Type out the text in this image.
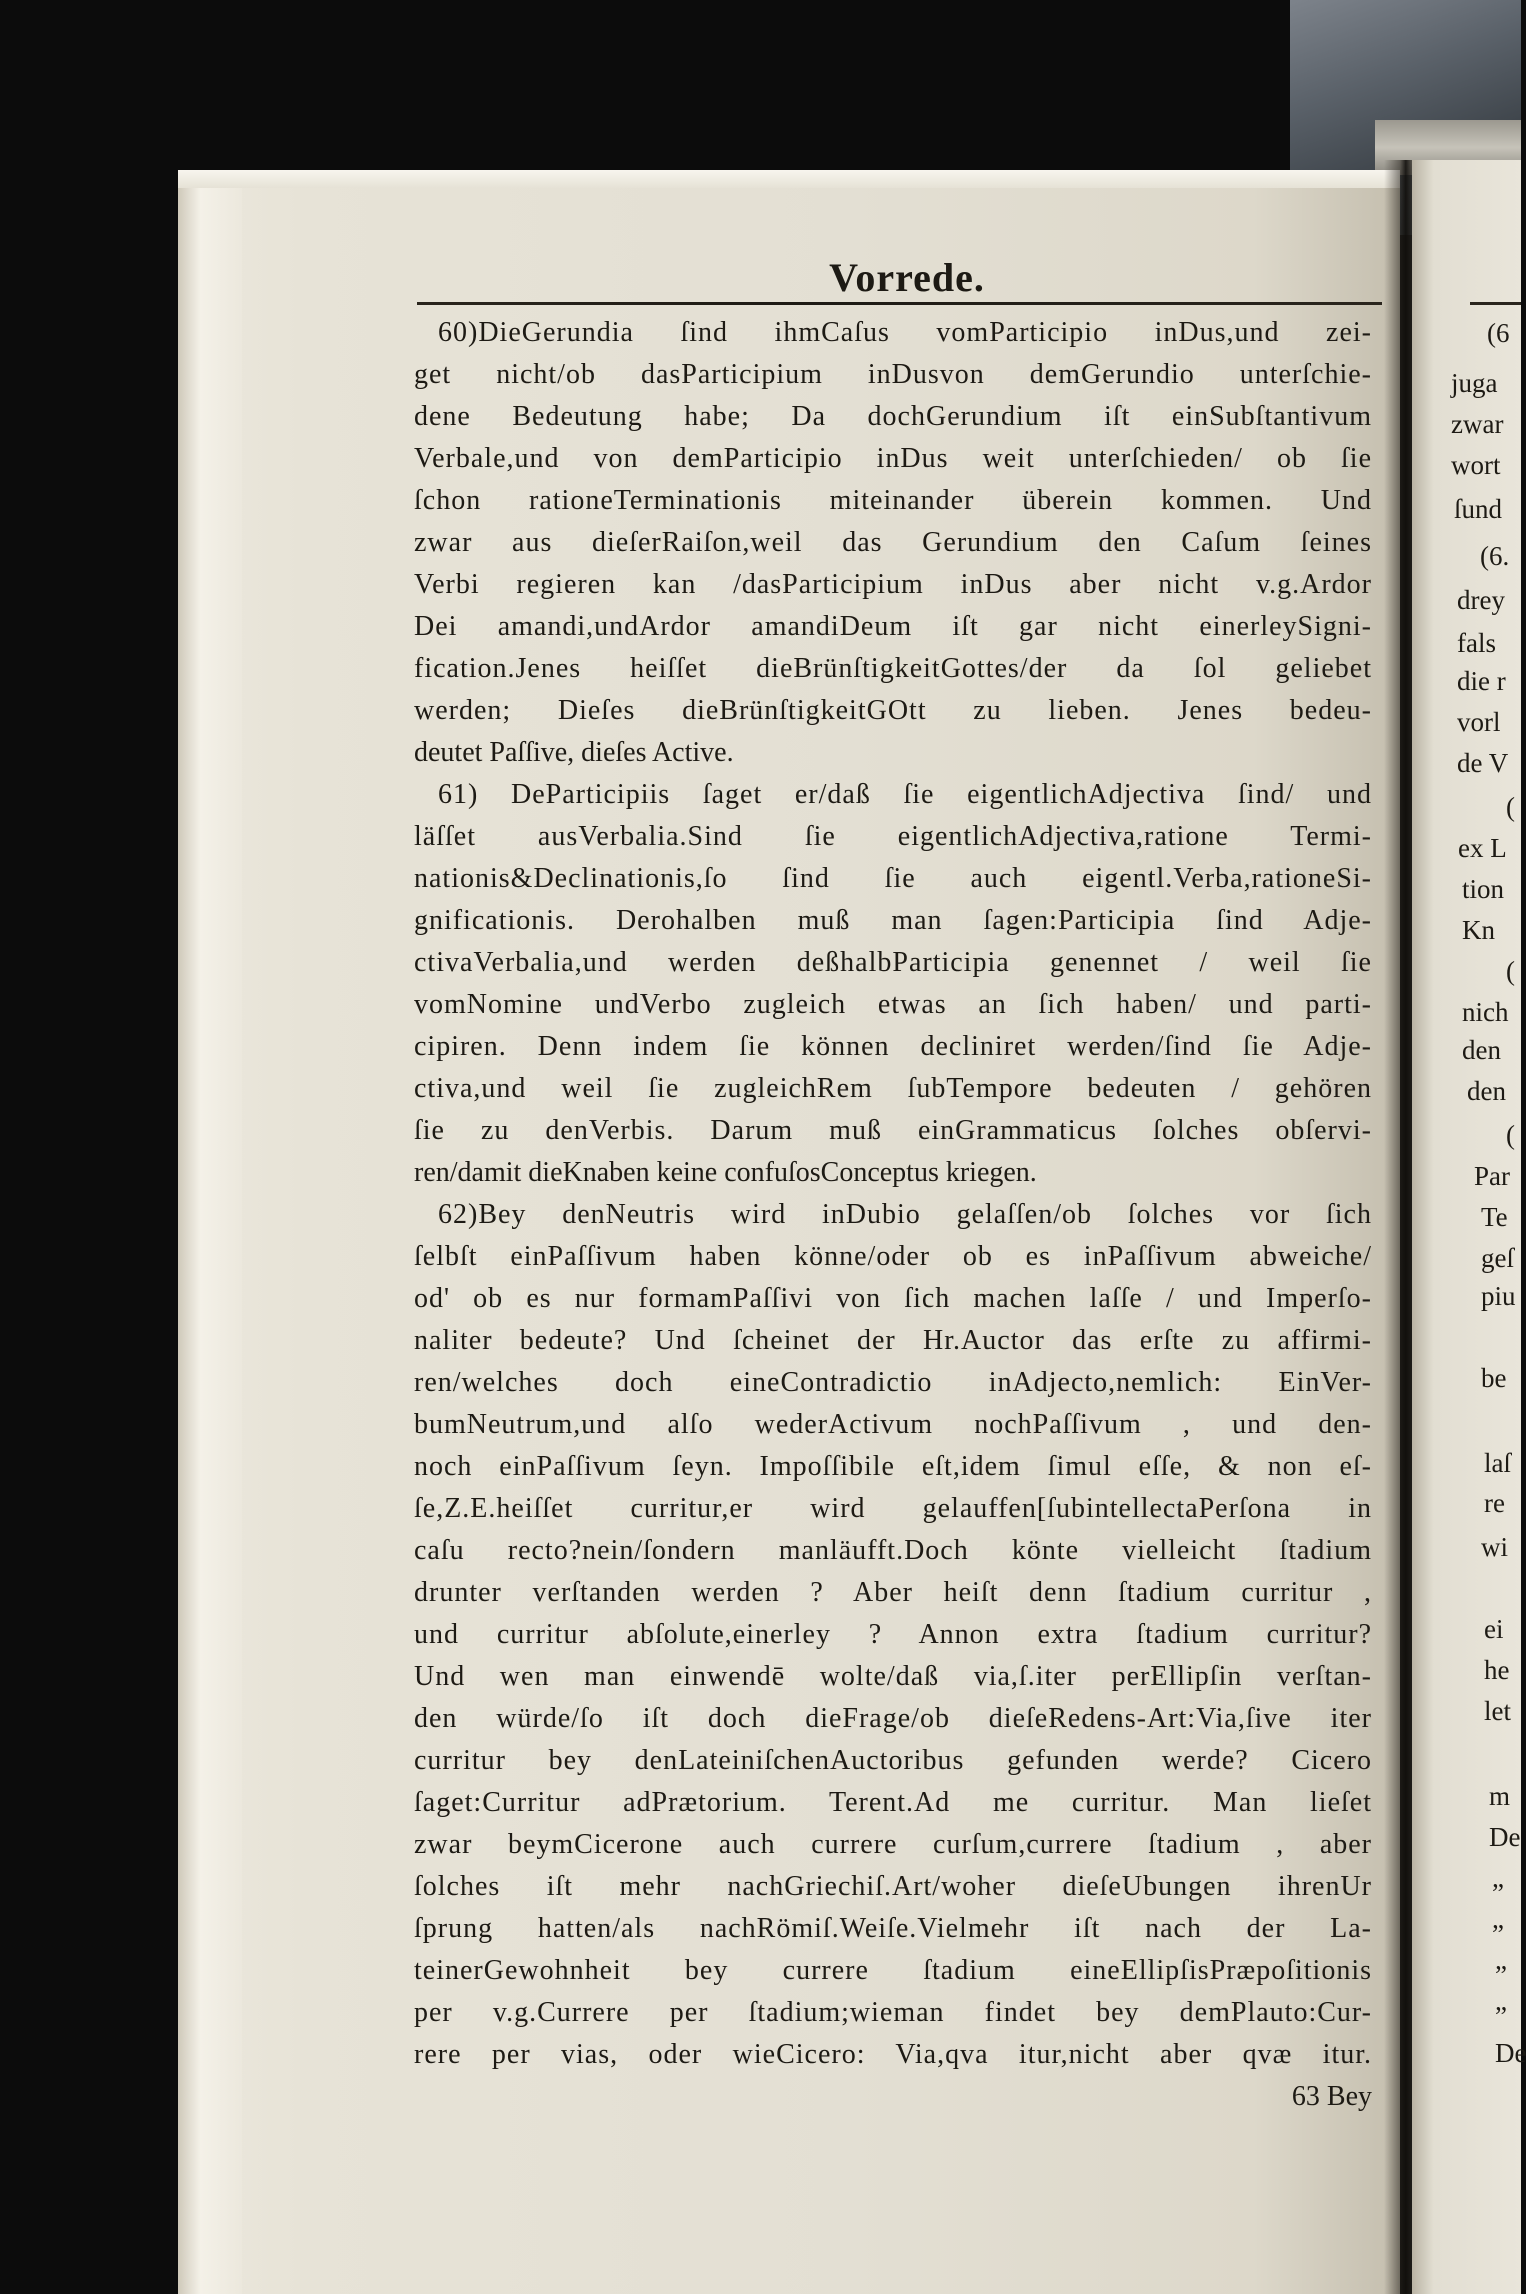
(6
juga
zwar
wort
ſund
(6.
drey
fals
die r
vorl
de V
(
ex L
tion
Kn
(
nich
den
den
(
Par
Te
geſ
piu
be
laſ
re
wi
ei
he
let
m
De
„
„
„
„
De
Vorrede.
60)DieGerundia ſind ihmCaſus vomParticipio inDus,und zei-
get nicht/ob dasParticipium inDusvon demGerundio unterſchie-
dene Bedeutung habe; Da dochGerundium iſt einSubſtantivum
Verbale,und von demParticipio inDus weit unterſchieden/ ob ſie
ſchon rationeTerminationis miteinander überein kommen. Und
zwar aus dieſerRaiſon,weil das Gerundium den Caſum ſeines
Verbi regieren kan /dasParticipium inDus aber nicht v.g.Ardor
Dei amandi,undArdor amandiDeum iſt gar nicht einerleySigni-
fication.Jenes heiſſet dieBrünſtigkeitGottes/der da ſol geliebet
werden; Dieſes dieBrünſtigkeitGOtt zu lieben. Jenes bedeu-
deutet Paſſive, dieſes Active.
61) DeParticipiis ſaget er/daß ſie eigentlichAdjectiva ſind/ und
läſſet ausVerbalia.Sind ſie eigentlichAdjectiva,ratione Termi-
nationis&Declinationis,ſo ſind ſie auch eigentl.Verba,rationeSi-
gnificationis. Derohalben muß man ſagen:Participia ſind Adje-
ctivaVerbalia,und werden deßhalbParticipia genennet / weil ſie
vomNomine undVerbo zugleich etwas an ſich haben/ und parti-
cipiren. Denn indem ſie können decliniret werden/ſind ſie Adje-
ctiva,und weil ſie zugleichRem ſubTempore bedeuten / gehören
ſie zu denVerbis. Darum muß einGrammaticus ſolches obſervi-
ren/damit dieKnaben keine confuſosConceptus kriegen.
62)Bey denNeutris wird inDubio gelaſſen/ob ſolches vor ſich
ſelbſt einPaſſivum haben könne/oder ob es inPaſſivum abweiche/
od' ob es nur formamPaſſivi von ſich machen laſſe / und Imperſo-
naliter bedeute? Und ſcheinet der Hr.Auctor das erſte zu affirmi-
ren/welches doch eineContradictio inAdjecto,nemlich: EinVer-
bumNeutrum,und alſo wederActivum nochPaſſivum , und den-
noch einPaſſivum ſeyn. Impoſſibile eſt,idem ſimul eſſe, & non eſ-
ſe,Z.E.heiſſet curritur,er wird gelauffen[ſubintellectaPerſona in
caſu recto?nein/ſondern manläufft.Doch könte vielleicht ſtadium
drunter verſtanden werden ? Aber heiſt denn ſtadium curritur ,
und curritur abſolute,einerley ? Annon extra ſtadium curritur?
Und wen man einwendē wolte/daß via,ſ.iter perEllipſin verſtan-
den würde/ſo iſt doch dieFrage/ob dieſeRedens-Art:Via,ſive iter
curritur bey denLateiniſchenAuctoribus gefunden werde? Cicero
ſaget:Curritur adPrætorium. Terent.Ad me curritur. Man lieſet
zwar beymCicerone auch currere curſum,currere ſtadium , aber
ſolches iſt mehr nachGriechiſ.Art/woher dieſeUbungen ihrenUr
ſprung hatten/als nachRömiſ.Weiſe.Vielmehr iſt nach der La-
teinerGewohnheit bey currere ſtadium eineEllipſisPræpoſitionis
per v.g.Currere per ſtadium;wieman findet bey demPlauto:Cur-
rere per vias, oder wieCicero: Via,qva itur,nicht aber qvæ itur.
63 Bey
